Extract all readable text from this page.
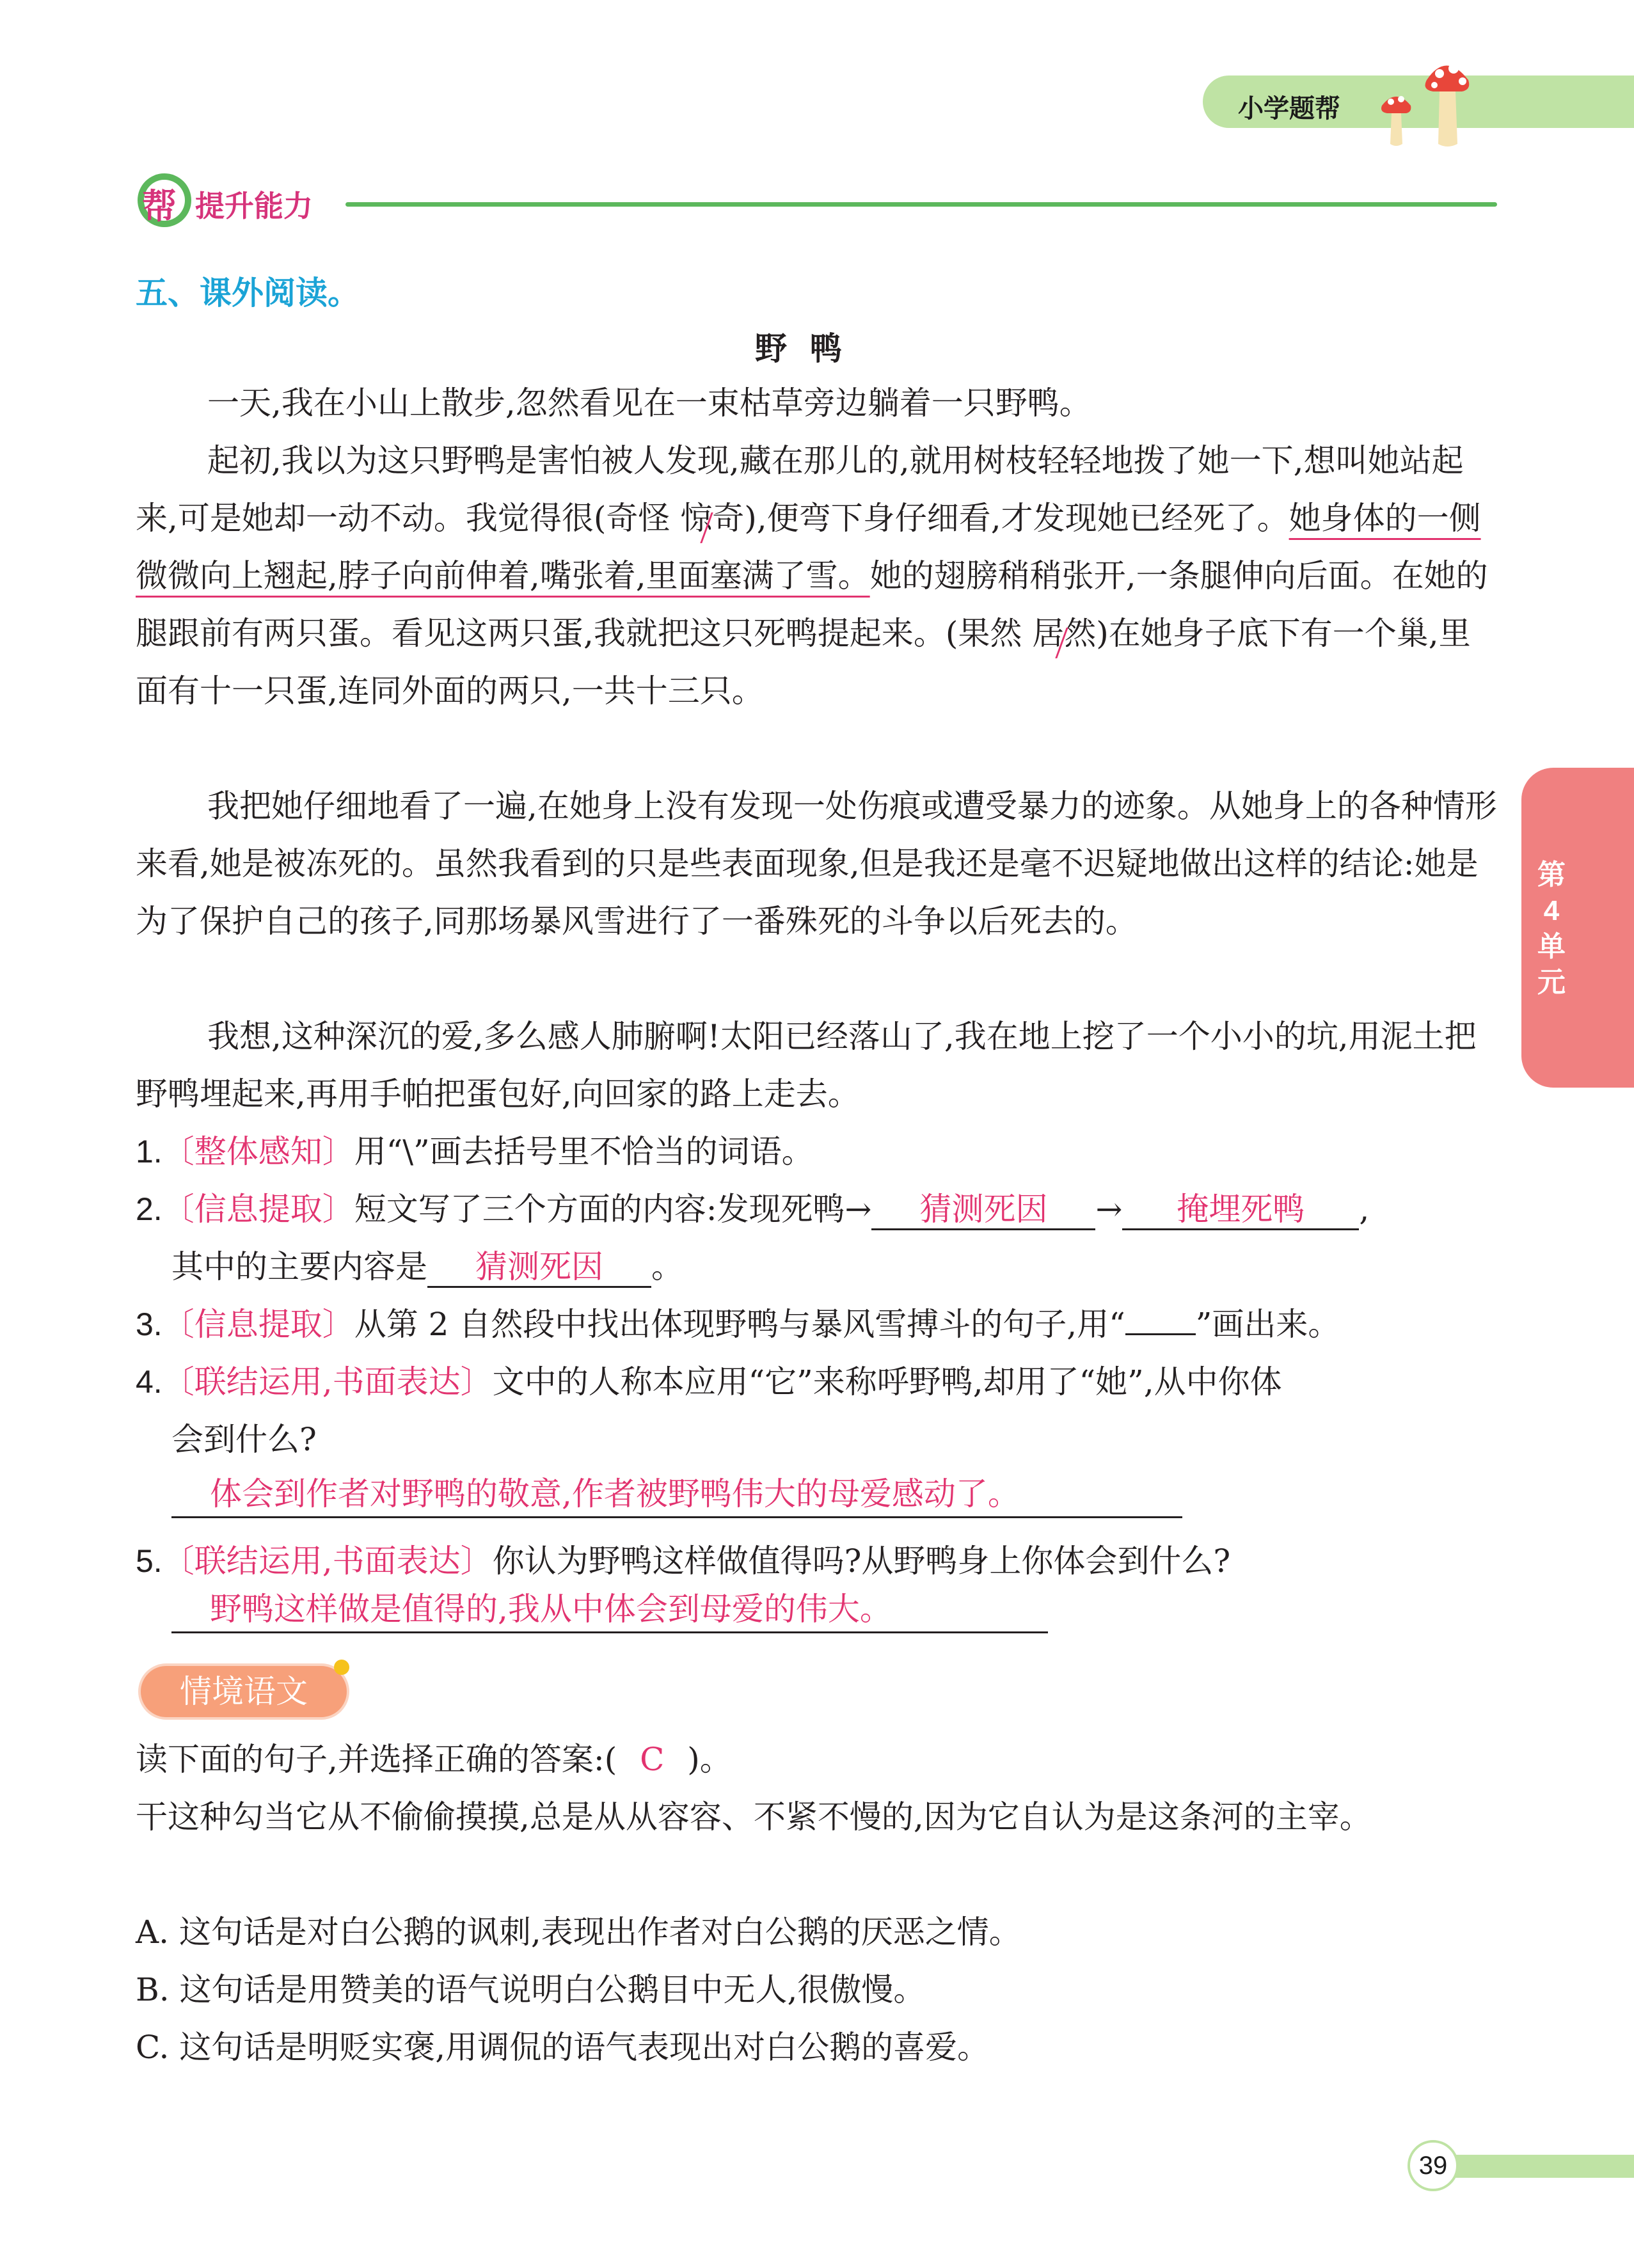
小学题帮
帮 提升能力
五、课外阅读。
野鸭

一天,我在小山上散步,忽然看见在一束枯草旁边躺着一只野鸭。

起初,我以为这只野鸭是害怕被人发现,藏在那儿的,就用树枝轻轻地拨了她一下,想叫她站起来,可是她却一动不动。我觉得很(奇怪 惊奇
),便弯下身仔细看,才发现她已经死了。她身体的一侧微微向上翘起,脖子向前伸着,嘴张着,里面塞满了雪。她的翅膀稍稍张开,一条腿伸向后面。在她的腿跟前有两只蛋。看见这两只蛋,我就把这只死鸭提起来。(果然 居然
)在她身子底下有一个巢,里面有十一只蛋,连同外面的两只,一共十三只。

我把她仔细地看了一遍,在她身上没有发现一处伤痕或遭受暴力的迹象。从她身上的各种情形来看,她是被冻死的。虽然我看到的只是些表面现象,但是我还是毫不迟疑地做出这样的结论:她是为了保护自己的孩子,同那场暴风雪进行了一番殊死的斗争以后死去的。

我想,这种深沉的爱,多么感人肺腑啊!太阳已经落山了,我在地上挖了一个小小的坑,用泥土把野鸭埋起来,再用手帕把蛋包好,向回家的路上走去。

1.〔整体感知〕用“\”画去括号里不恰当的词语。
2.〔信息提取〕短文写了三个方面的内容:发现死鸭→ 猜测死因 → 掩埋死鸭 ,
其中的主要内容是 猜测死因 。
3.〔信息提取〕从第 2 自然段中找出体现野鸭与暴风雪搏斗的句子,用“ ”画出来。
4.〔联结运用,书面表达〕文中的人称本应用“它”来称呼野鸭,却用了“她”,从中你体
会到什么?
体会到作者对野鸭的敬意,作者被野鸭伟大的母爱感动了。
5.〔联结运用,书面表达〕你认为野鸭这样做值得吗?从野鸭身上你体会到什么?
野鸭这样做是值得的,我从中体会到母爱的伟大。
情境语文
读下面的句子,并选择正确的答案:( C )。

干这种勾当它从不偷偷摸摸,总是从从容容、不紧不慢的,因为它自认为是这条河的主宰。

A. 这句话是对白公鹅的讽刺,表现出作者对白公鹅的厌恶之情。
B. 这句话是用赞美的语气说明白公鹅目中无人,很傲慢。
C. 这句话是明贬实褒,用调侃的语气表现出对白公鹅的喜爱。
第4单元
39
